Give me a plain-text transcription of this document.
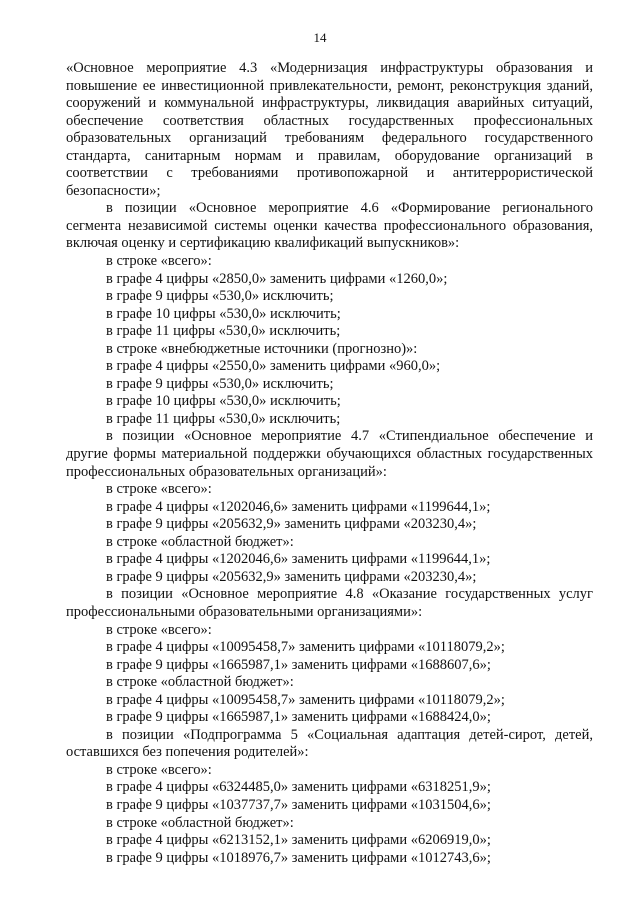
14

«Основное мероприятие 4.3 «Модернизация инфраструктуры образования и повышение ее инвестиционной привлекательности, ремонт, реконструкция зданий, сооружений и коммунальной инфраструктуры, ликвидация аварийных ситуаций, обеспечение соответствия областных государственных профессиональных образовательных организаций требованиям федерального государственного стандарта, санитарным нормам и правилам, оборудование организаций в соответствии с требованиями противопожарной и антитеррористической безопасности»;

в позиции «Основное мероприятие 4.6 «Формирование регионального сегмента независимой системы оценки качества профессионального образования, включая оценку и сертификацию квалификаций выпускников»:

в строке «всего»:

в графе 4 цифры «2850,0» заменить цифрами «1260,0»;

в графе 9 цифры «530,0» исключить;

в графе 10 цифры «530,0» исключить;

в графе 11 цифры «530,0» исключить;

в строке «внебюджетные источники (прогнозно)»:

в графе 4 цифры «2550,0» заменить цифрами «960,0»;

в графе 9 цифры «530,0» исключить;

в графе 10 цифры «530,0» исключить;

в графе 11 цифры «530,0» исключить;

в позиции «Основное мероприятие 4.7 «Стипендиальное обеспечение и другие формы материальной поддержки обучающихся областных государственных профессиональных образовательных организаций»:

в строке «всего»:

в графе 4 цифры «1202046,6» заменить цифрами «1199644,1»;

в графе 9 цифры «205632,9» заменить цифрами «203230,4»;

в строке «областной бюджет»:

в графе 4 цифры «1202046,6» заменить цифрами «1199644,1»;

в графе 9 цифры «205632,9» заменить цифрами «203230,4»;

в позиции «Основное мероприятие 4.8 «Оказание государственных услуг профессиональными образовательными организациями»:

в строке «всего»:

в графе 4 цифры «10095458,7» заменить цифрами «10118079,2»;

в графе 9 цифры «1665987,1» заменить цифрами «1688607,6»;

в строке «областной бюджет»:

в графе 4 цифры «10095458,7» заменить цифрами «10118079,2»;

в графе 9 цифры «1665987,1» заменить цифрами «1688424,0»;

в позиции «Подпрограмма 5 «Социальная адаптация детей-сирот, детей, оставшихся без попечения родителей»:

в строке «всего»:

в графе 4 цифры «6324485,0» заменить цифрами «6318251,9»;

в графе 9 цифры «1037737,7» заменить цифрами «1031504,6»;

в строке «областной бюджет»:

в графе 4 цифры «6213152,1» заменить цифрами «6206919,0»;

в графе 9 цифры «1018976,7» заменить цифрами «1012743,6»;
